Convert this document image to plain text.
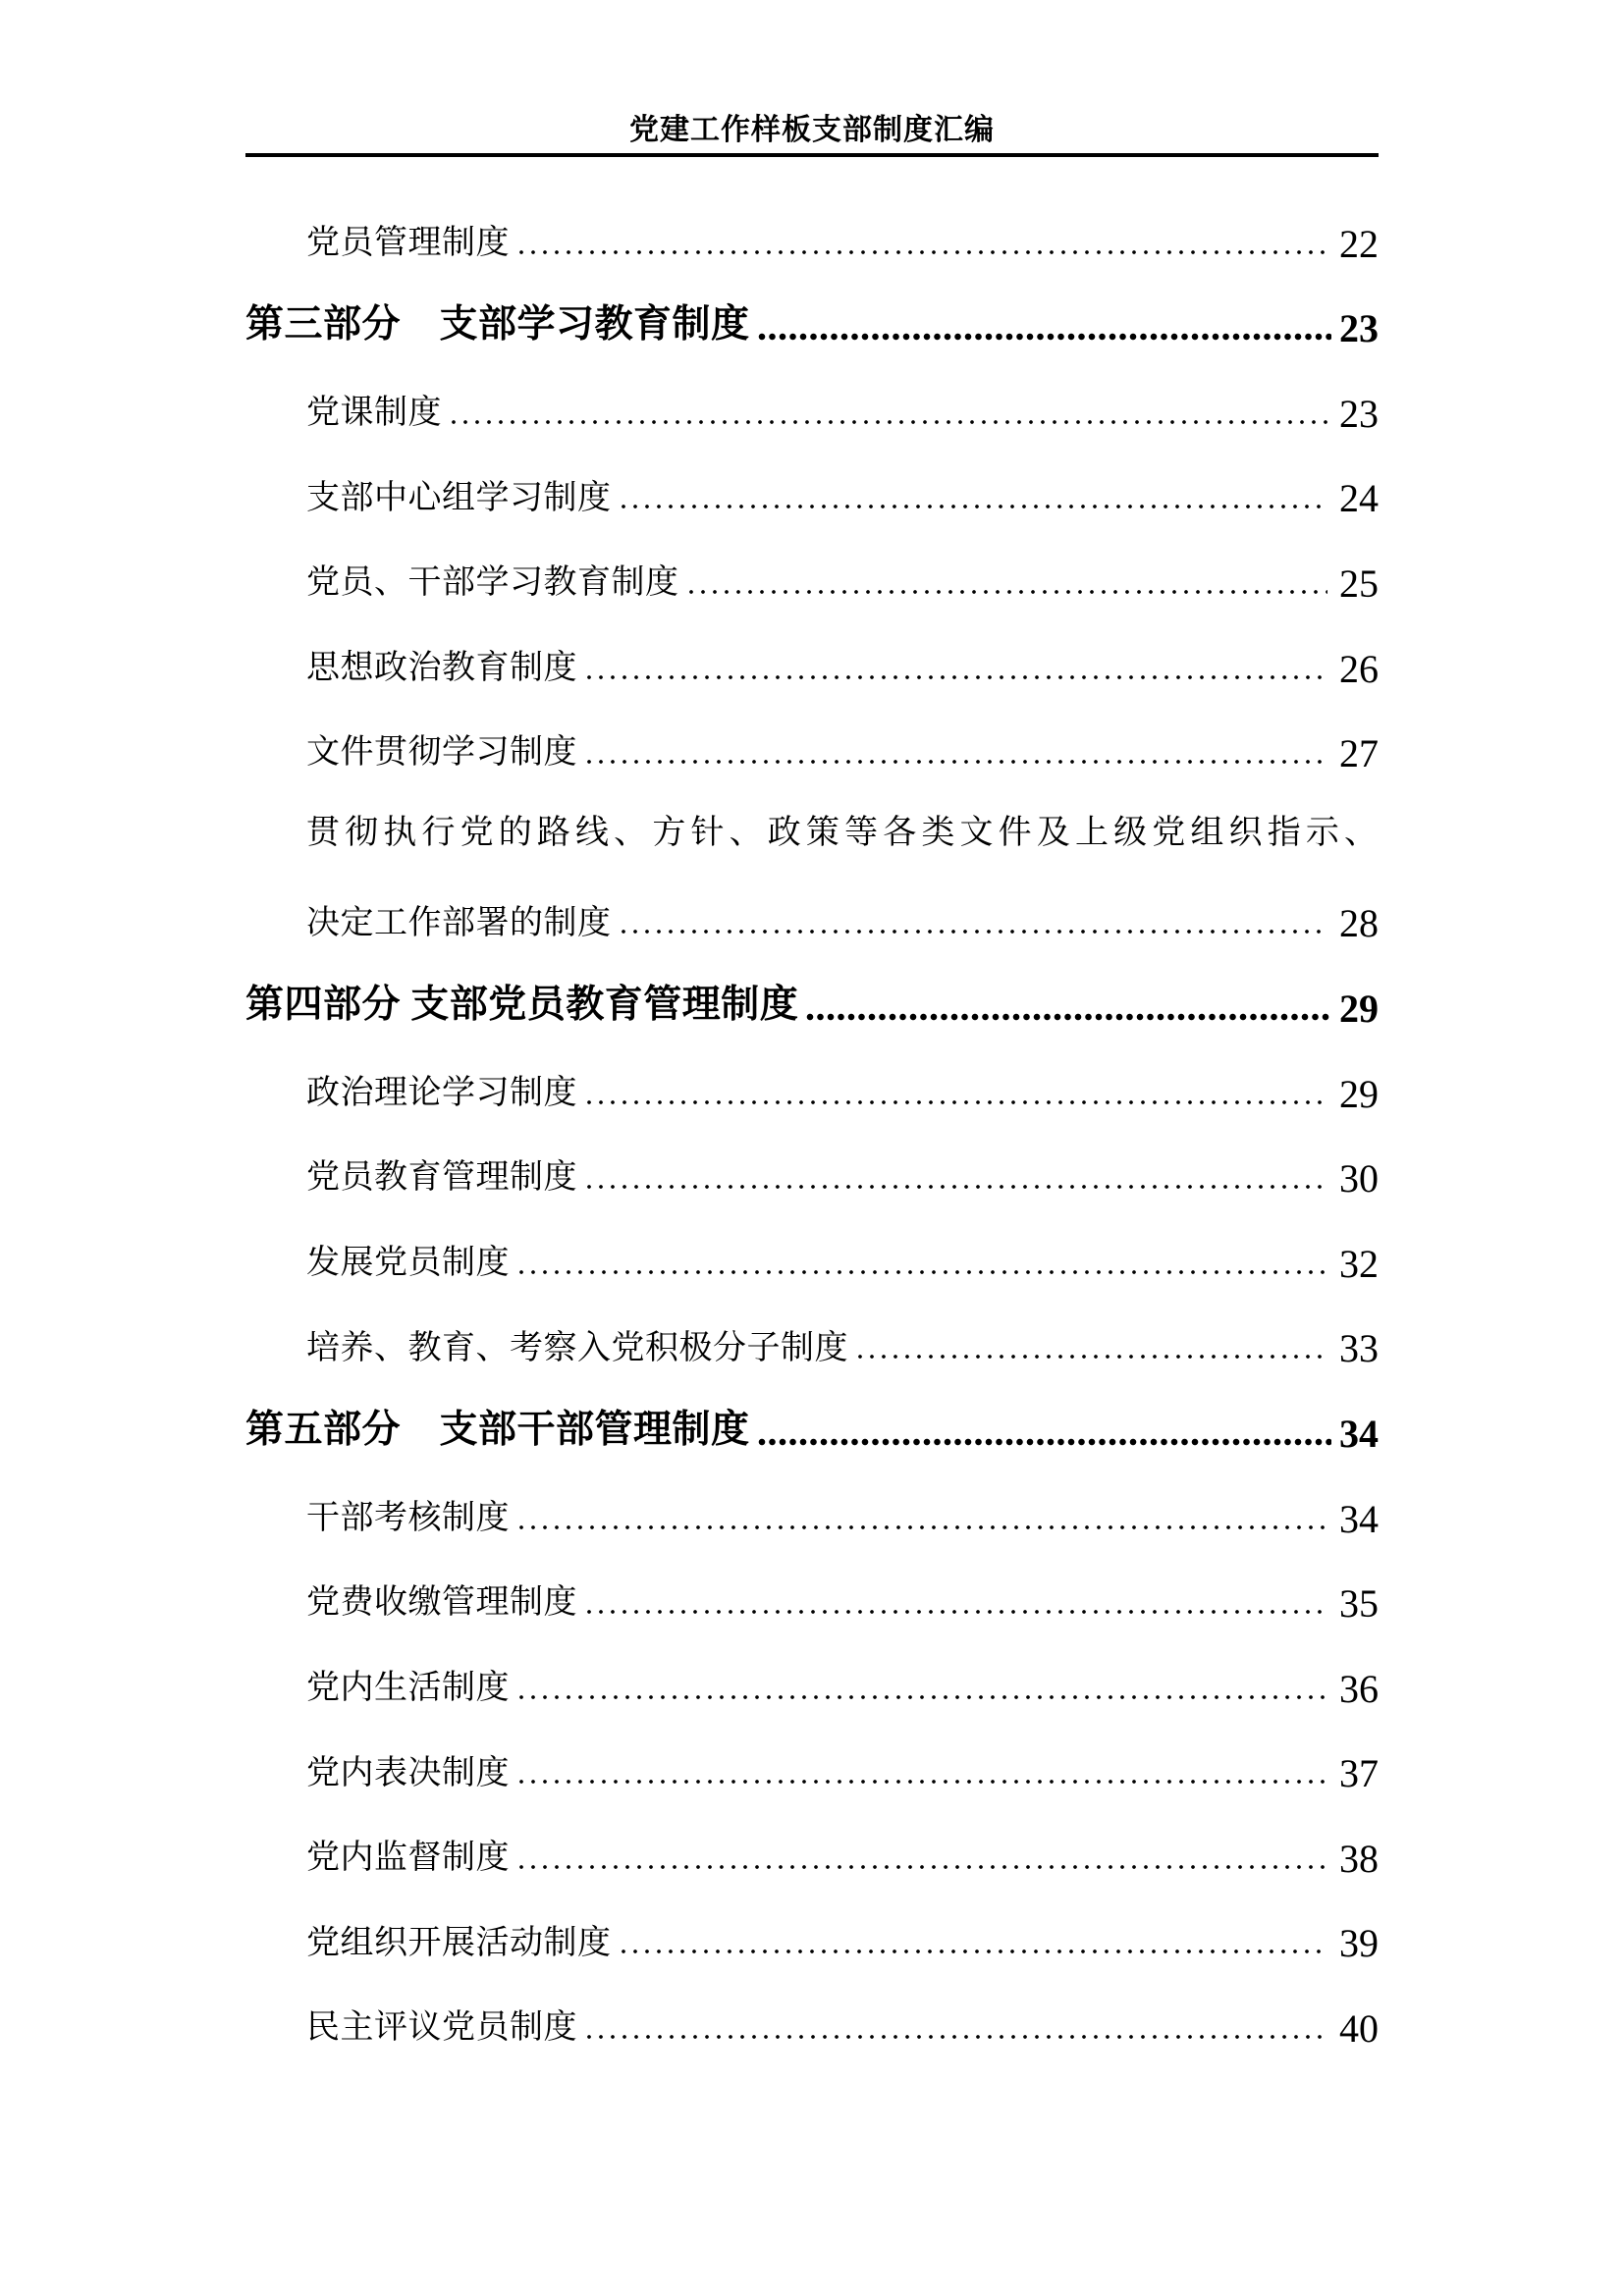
党建工作样板支部制度汇编
党员管理制度	22
第三部分　支部学习教育制度	23
党课制度	23
支部中心组学习制度	24
党员、干部学习教育制度	25
思想政治教育制度	26
文件贯彻学习制度	27
贯彻执行党的路线、方针、政策等各类文件及上级党组织指示、
决定工作部署的制度	28
第四部分 支部党员教育管理制度	29
政治理论学习制度	29
党员教育管理制度	30
发展党员制度	32
培养、教育、考察入党积极分子制度	33
第五部分　支部干部管理制度	34
干部考核制度	34
党费收缴管理制度	35
党内生活制度	36
党内表决制度	37
党内监督制度	38
党组织开展活动制度	39
民主评议党员制度	40
